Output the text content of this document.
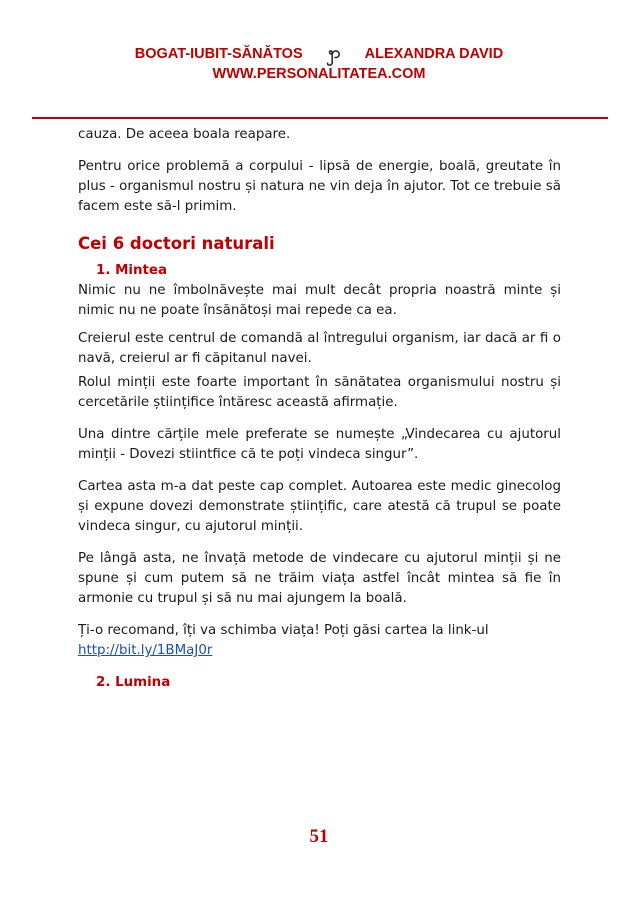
BOGAT-IUBIT-SĂNĂTOS ꩭ ALEXANDRA DAVID
WWW.PERSONALITATEA.COM

cauza. De aceea boala reapare.

Pentru orice problemă a corpului - lipsă de energie, boală, greutate în plus - organismul nostru și natura ne vin deja în ajutor. Tot ce trebuie să facem este să-l primim.

Cei 6 doctori naturali

1. Mintea

Nimic nu ne îmbolnăvește mai mult decât propria noastră minte și nimic nu ne poate însănătoși mai repede ca ea.

Creierul este centrul de comandă al întregului organism, iar dacă ar fi o navă, creierul ar fi căpitanul navei.

Rolul minții este foarte important în sănătatea organismului nostru și cercetările științifice întăresc această afirmație.

Una dintre cărțile mele preferate se numește „Vindecarea cu ajutorul minții - Dovezi stiintfice că te poți vindeca singur”.

Cartea asta m-a dat peste cap complet. Autoarea este medic ginecolog și expune dovezi demonstrate științific, care atestă că trupul se poate vindeca singur, cu ajutorul minții.

Pe lângă asta, ne învață metode de vindecare cu ajutorul minții și ne spune și cum putem să ne trăim viața astfel încât mintea să fie în armonie cu trupul și să nu mai ajungem la boală.

Ți-o recomand, îți va schimba viața! Poți găsi cartea la link-ul

http://bit.ly/1BMaJ0r

2. Lumina

51
